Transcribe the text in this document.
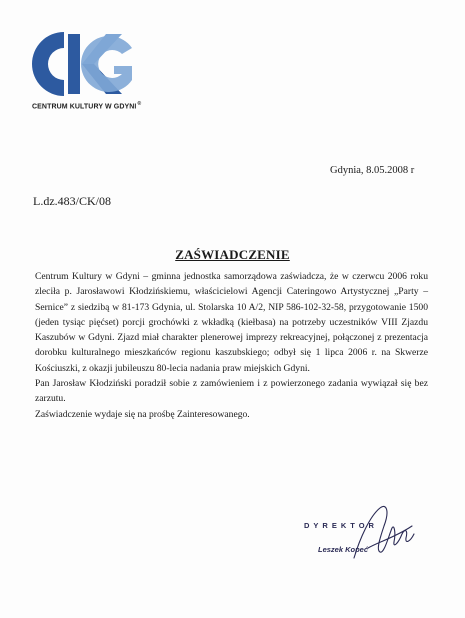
CENTRUM KULTURY W GDYNI®
Gdynia, 8.05.2008 r
L.dz.483/CK/08
ZAŚWIADCZENIE

Centrum Kultury w Gdyni – gminna jednostka samorządowa zaświadcza, że w czerwcu 2006 roku zleciła p. Jarosławowi Kłodzińskiemu, właścicielowi Agencji Cateringowo Artystycznej „Party – Sernice” z siedzibą w 81-173 Gdynia, ul. Stolarska 10 A/2, NIP 586-102-32-58, przygotowanie 1500 (jeden tysiąc pięćset) porcji grochówki z wkładką (kiełbasa) na potrzeby uczestników VIII Zjazdu Kaszubów w Gdyni. Zjazd miał charakter plenerowej imprezy rekreacyjnej, połączonej z prezentacja dorobku kulturalnego mieszkańców regionu kaszubskiego; odbył się 1 lipca 2006 r. na Skwerze Kościuszki, z okazji jubileuszu 80-lecia nadania praw miejskich Gdyni.

Pan Jarosław Kłodziński poradził sobie z zamówieniem i z powierzonego zadania wywiązał się bez zarzutu.

Zaświadczenie wydaje się na prośbę Zainteresowanego.

DYREKTOR
Leszek Kopeć
